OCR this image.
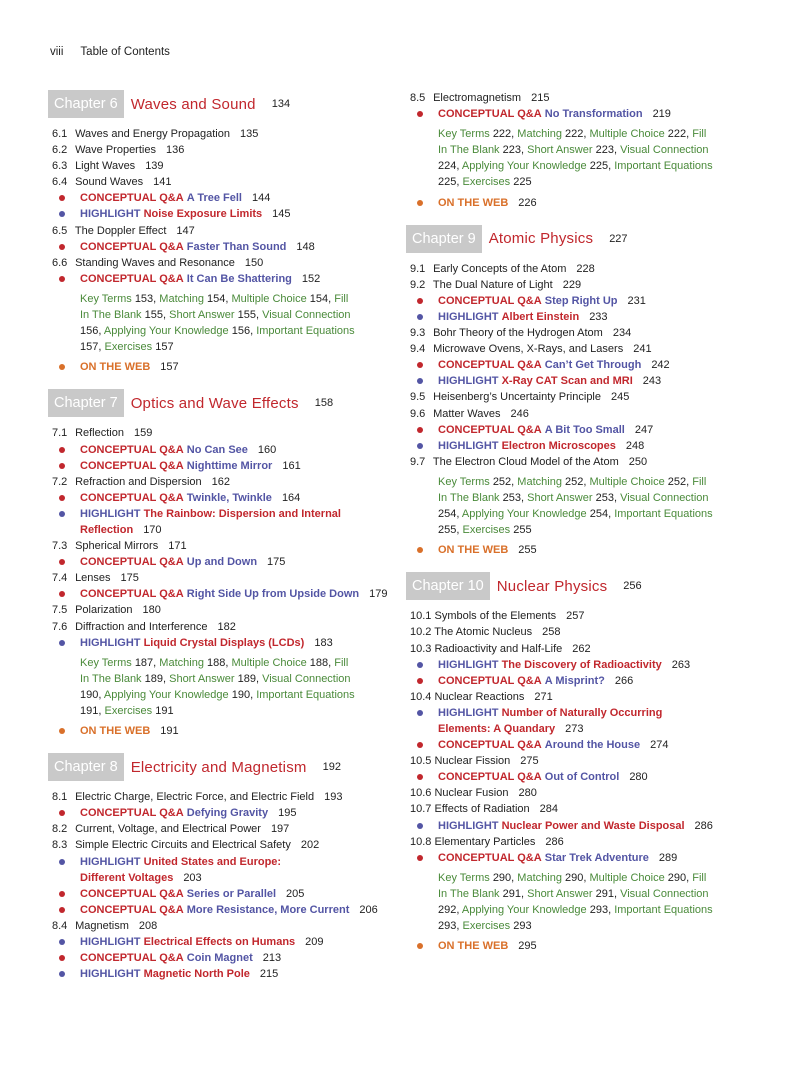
viii Table of Contents
Chapter 6 Waves and Sound 134
6.1 Waves and Energy Propagation 135
6.2 Wave Properties 136
6.3 Light Waves 139
6.4 Sound Waves 141
CONCEPTUAL Q&A A Tree Fell 144
HIGHLIGHT Noise Exposure Limits 145
6.5 The Doppler Effect 147
CONCEPTUAL Q&A Faster Than Sound 148
6.6 Standing Waves and Resonance 150
CONCEPTUAL Q&A It Can Be Shattering 152
Key Terms 153, Matching 154, Multiple Choice 154, Fill
In The Blank 155, Short Answer 155, Visual Connection
156, Applying Your Knowledge 156, Important Equations
157, Exercises 157
ON THE WEB 157
Chapter 7 Optics and Wave Effects 158
7.1 Reflection 159
CONCEPTUAL Q&A No Can See 160
CONCEPTUAL Q&A Nighttime Mirror 161
7.2 Refraction and Dispersion 162
CONCEPTUAL Q&A Twinkle, Twinkle 164
HIGHLIGHT The Rainbow: Dispersion and Internal
Reflection 170
7.3 Spherical Mirrors 171
CONCEPTUAL Q&A Up and Down 175
7.4 Lenses 175
CONCEPTUAL Q&A Right Side Up from Upside Down 179
7.5 Polarization 180
7.6 Diffraction and Interference 182
HIGHLIGHT Liquid Crystal Displays (LCDs) 183
Key Terms 187, Matching 188, Multiple Choice 188, Fill
In The Blank 189, Short Answer 189, Visual Connection
190, Applying Your Knowledge 190, Important Equations
191, Exercises 191
ON THE WEB 191
Chapter 8 Electricity and Magnetism 192
8.1 Electric Charge, Electric Force, and Electric Field 193
CONCEPTUAL Q&A Defying Gravity 195
8.2 Current, Voltage, and Electrical Power 197
8.3 Simple Electric Circuits and Electrical Safety 202
HIGHLIGHT United States and Europe:
Different Voltages 203
CONCEPTUAL Q&A Series or Parallel 205
CONCEPTUAL Q&A More Resistance, More Current 206
8.4 Magnetism 208
HIGHLIGHT Electrical Effects on Humans 209
CONCEPTUAL Q&A Coin Magnet 213
HIGHLIGHT Magnetic North Pole 215
8.5 Electromagnetism 215
CONCEPTUAL Q&A No Transformation 219
Key Terms 222, Matching 222, Multiple Choice 222, Fill
In The Blank 223, Short Answer 223, Visual Connection
224, Applying Your Knowledge 225, Important Equations
225, Exercises 225
ON THE WEB 226
Chapter 9 Atomic Physics 227
9.1 Early Concepts of the Atom 228
9.2 The Dual Nature of Light 229
CONCEPTUAL Q&A Step Right Up 231
HIGHLIGHT Albert Einstein 233
9.3 Bohr Theory of the Hydrogen Atom 234
9.4 Microwave Ovens, X-Rays, and Lasers 241
CONCEPTUAL Q&A Can’t Get Through 242
HIGHLIGHT X-Ray CAT Scan and MRI 243
9.5 Heisenberg’s Uncertainty Principle 245
9.6 Matter Waves 246
CONCEPTUAL Q&A A Bit Too Small 247
HIGHLIGHT Electron Microscopes 248
9.7 The Electron Cloud Model of the Atom 250
Key Terms 252, Matching 252, Multiple Choice 252, Fill
In The Blank 253, Short Answer 253, Visual Connection
254, Applying Your Knowledge 254, Important Equations
255, Exercises 255
ON THE WEB 255
Chapter 10 Nuclear Physics 256
10.1 Symbols of the Elements 257
10.2 The Atomic Nucleus 258
10.3 Radioactivity and Half-Life 262
HIGHLIGHT The Discovery of Radioactivity 263
CONCEPTUAL Q&A A Misprint? 266
10.4 Nuclear Reactions 271
HIGHLIGHT Number of Naturally Occurring
Elements: A Quandary 273
CONCEPTUAL Q&A Around the House 274
10.5 Nuclear Fission 275
CONCEPTUAL Q&A Out of Control 280
10.6 Nuclear Fusion 280
10.7 Effects of Radiation 284
HIGHLIGHT Nuclear Power and Waste Disposal 286
10.8 Elementary Particles 286
CONCEPTUAL Q&A Star Trek Adventure 289
Key Terms 290, Matching 290, Multiple Choice 290, Fill
In The Blank 291, Short Answer 291, Visual Connection
292, Applying Your Knowledge 293, Important Equations
293, Exercises 293
ON THE WEB 295
